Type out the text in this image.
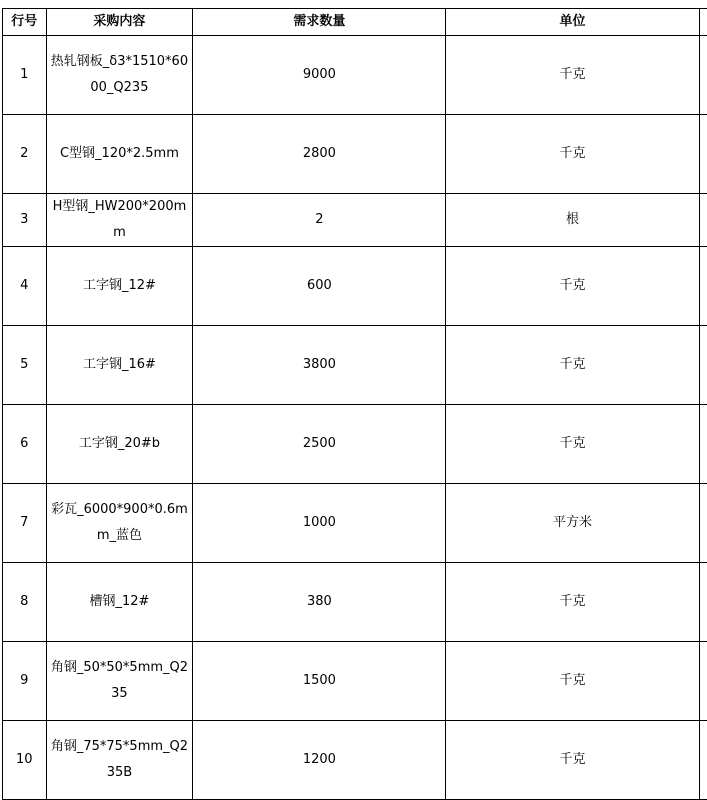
行号	采购内容	需求数量	单位	
1	热轧钢板_δ3*1510*6000_Q235	9000	千克	
2	C型钢_120*2.5mm	2800	千克	
3	H型钢_HW200*200mm	2	根	
4	工字钢_12#	600	千克	
5	工字钢_16#	3800	千克	
6	工字钢_20#b	2500	千克	
7	彩瓦_6000*900*0.6mm_蓝色	1000	平方米	
8	槽钢_12#	380	千克	
9	角钢_50*50*5mm_Q235	1500	千克	
10	角钢_75*75*5mm_Q235B	1200	千克	
